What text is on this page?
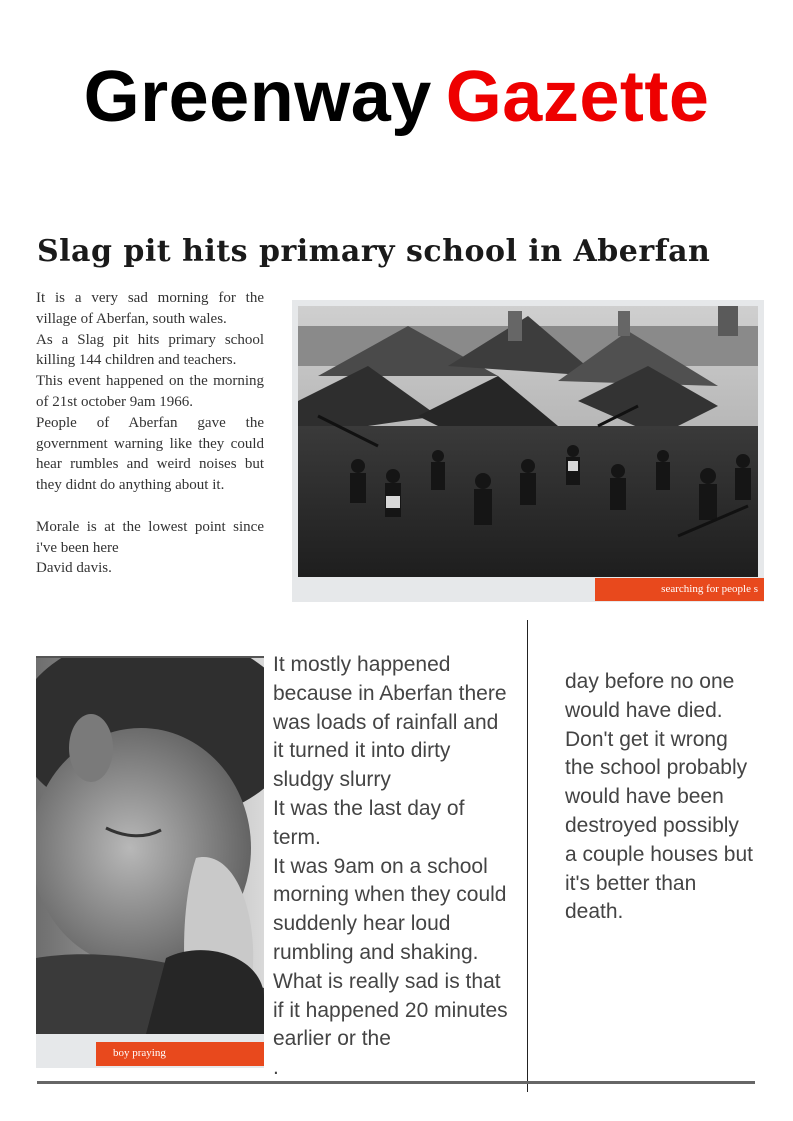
Greenway Gazette
Slag pit hits primary school in Aberfan

It is a very sad morning for the village of Aberfan, south wales.

As a Slag pit hits primary school killing 144 children and teachers.

This event happened on the morning of 21st october 9am 1966.

People of Aberfan gave the government warning like they could hear rumbles and weird noises but they didnt do anything about it.

Morale is at the lowest point since i've been here

David davis.

searching for people s
boy praying

It mostly happened because in Aberfan there was loads of rainfall and it turned it into dirty sludgy slurry

It was the last day of term.

It was 9am on a school morning when they could suddenly hear loud rumbling and shaking.

What is really sad is that if it happened 20 minutes earlier or the

.

day before no one would have died.

Don't get it wrong the school probably would have been destroyed possibly a couple houses but it's better than death.
